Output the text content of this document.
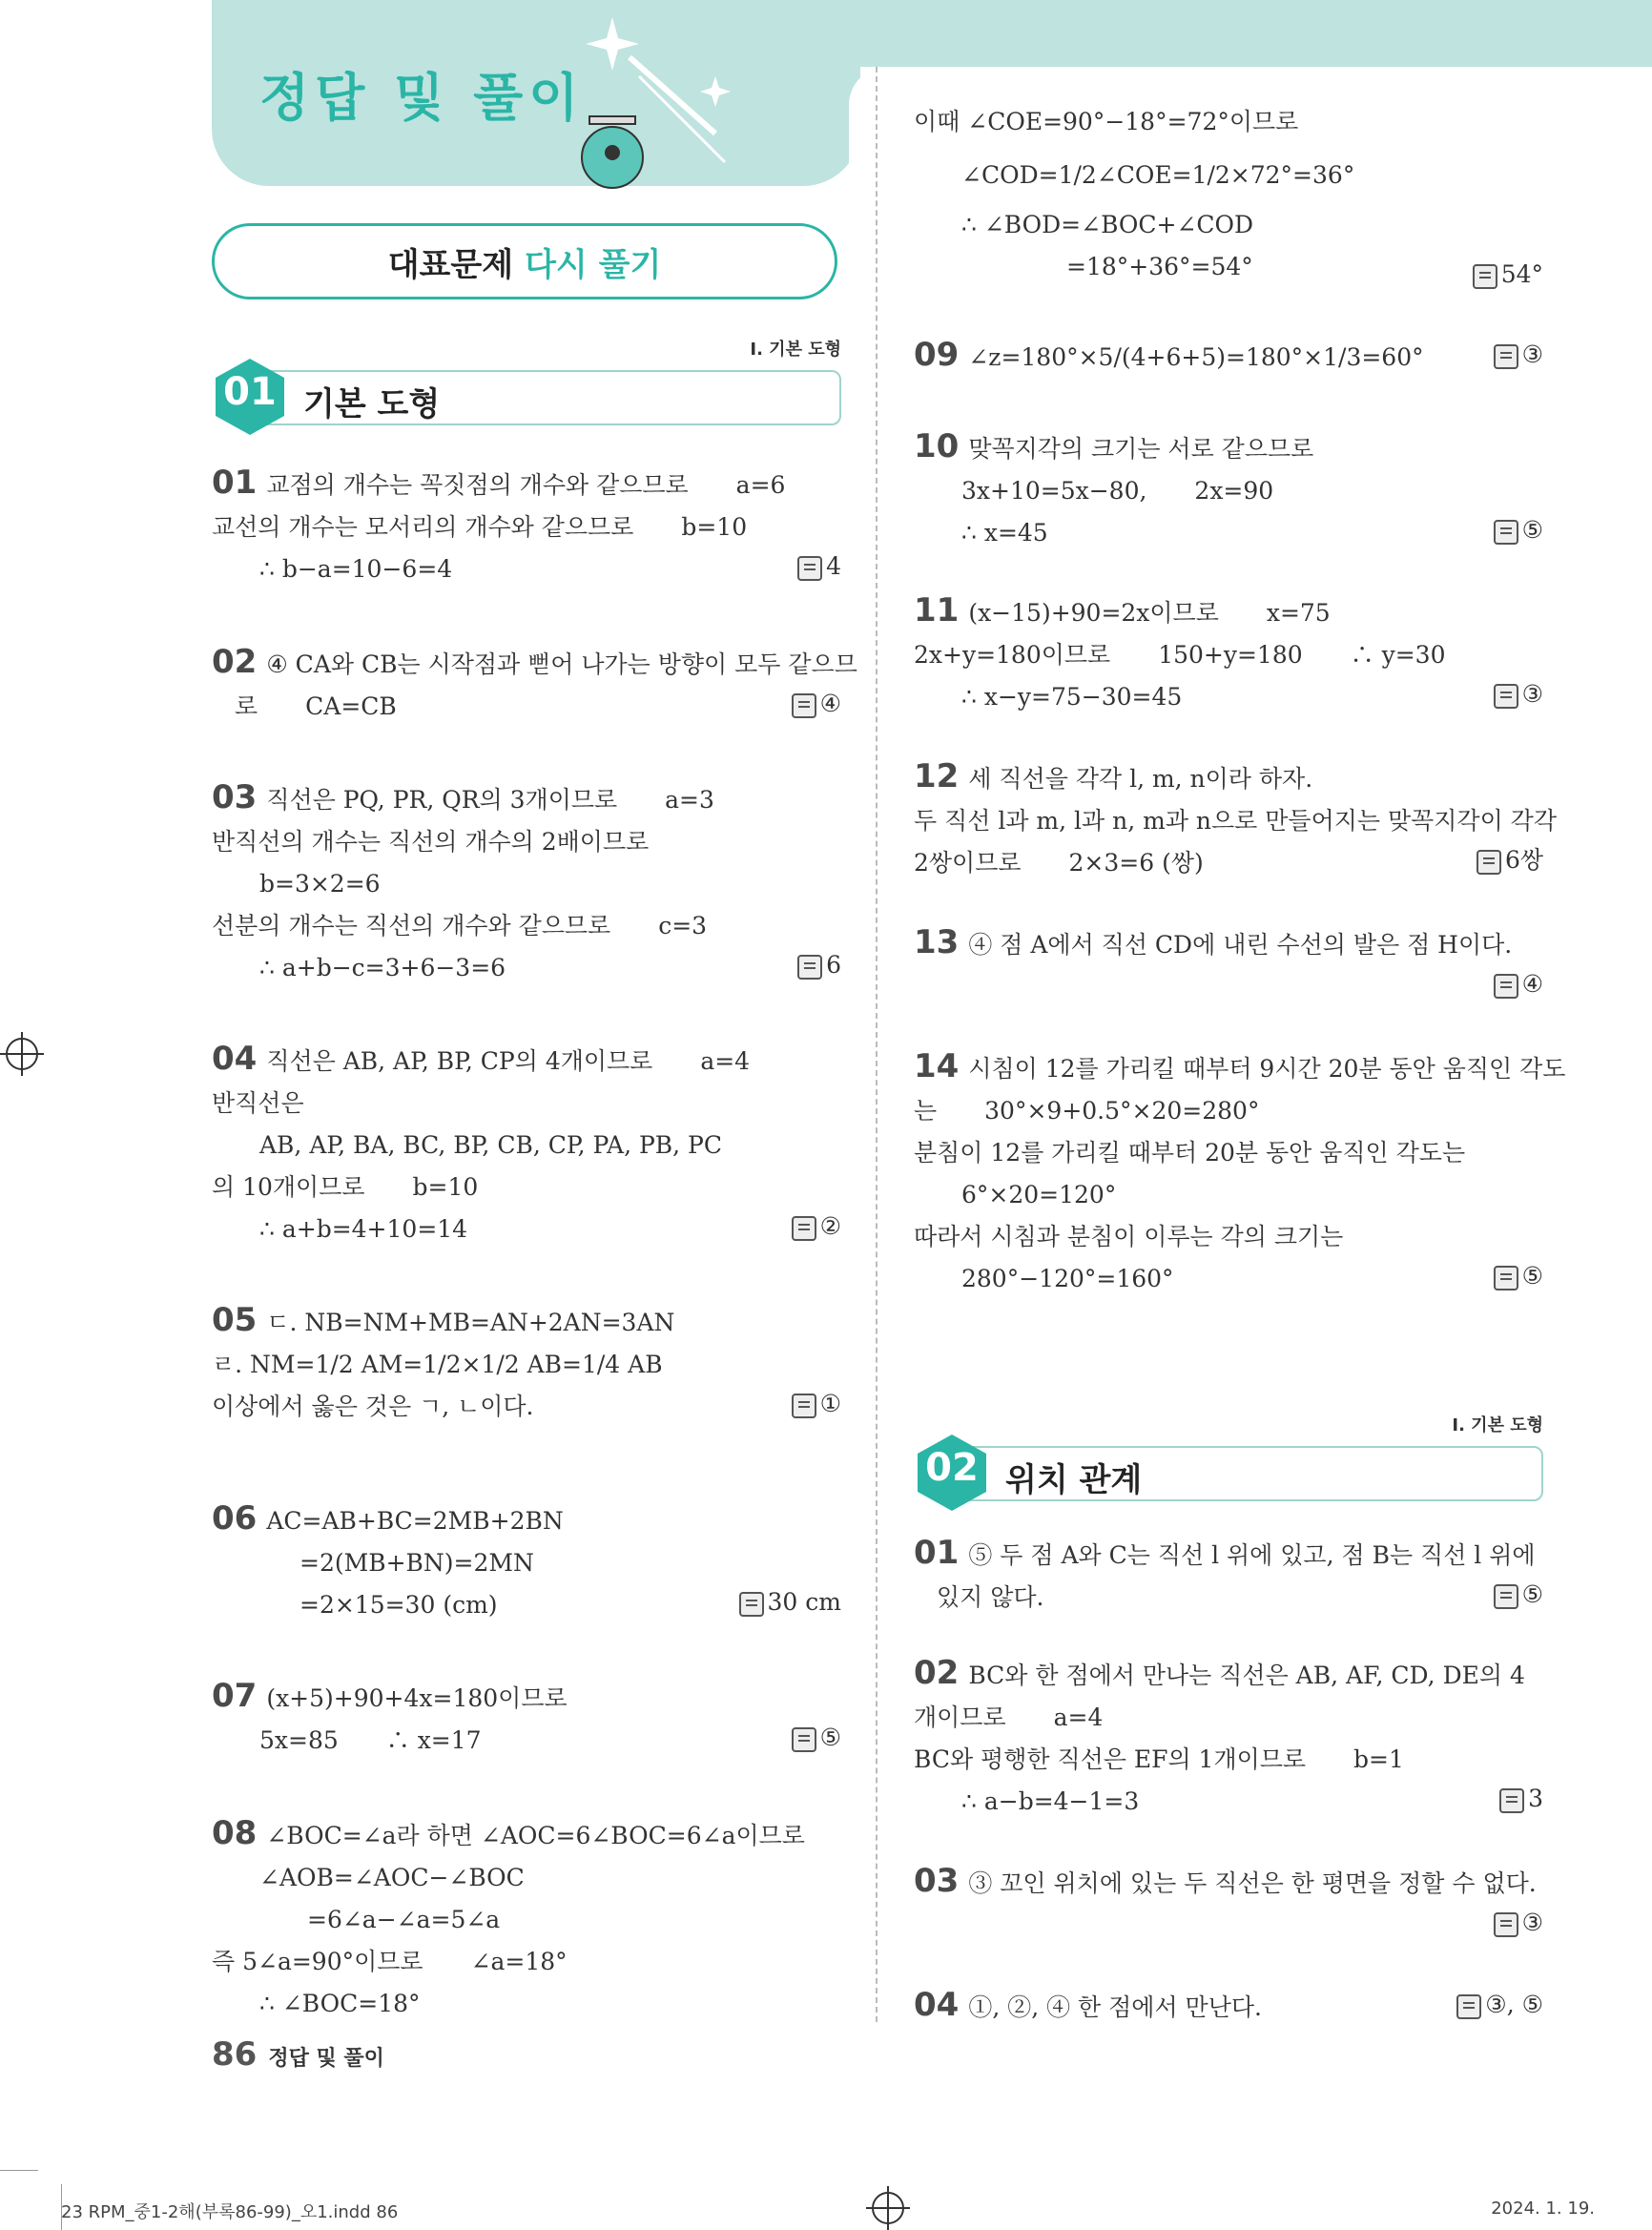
정답 및 풀이
대표문제 다시 풀기
I. 기본 도형
01 기본 도형
01 교점의 개수는 꼭짓점의 개수와 같으므로　　a=6
교선의 개수는 모서리의 개수와 같으므로　　b=10
∴ b−a=10−6=4	4
02 ④ CA와 CB는 시작점과 뻗어 나가는 방향이 모두 같으므
로　　CA=CB	④
03 직선은 PQ, PR, QR의 3개이므로　　a=3
반직선의 개수는 직선의 개수의 2배이므로
b=3×2=6
선분의 개수는 직선의 개수와 같으므로　　c=3
∴ a+b−c=3+6−3=6	6
04 직선은 AB, AP, BP, CP의 4개이므로　　a=4
반직선은
AB, AP, BA, BC, BP, CB, CP, PA, PB, PC
의 10개이므로　　b=10
∴ a+b=4+10=14	②
05 ㄷ. NB=NM+MB=AN+2AN=3AN
ㄹ. NM=1/2 AM=1/2×1/2 AB=1/4 AB
이상에서 옳은 것은 ㄱ, ㄴ이다.	①
06 AC=AB+BC=2MB+2BN
=2(MB+BN)=2MN
=2×15=30 (cm)	30 cm
07 (x+5)+90+4x=180이므로
5x=85　　∴ x=17	⑤
08 ∠BOC=∠a라 하면 ∠AOC=6∠BOC=6∠a이므로
∠AOB=∠AOC−∠BOC
=6∠a−∠a=5∠a
즉 5∠a=90°이므로　　∠a=18°
∴ ∠BOC=18°
이때 ∠COE=90°−18°=72°이므로
∠COD=1/2∠COE=1/2×72°=36°
∴ ∠BOD=∠BOC+∠COD
=18°+36°=54°	54°
09 ∠z=180°×5/(4+6+5)=180°×1/3=60°	③
10 맞꼭지각의 크기는 서로 같으므로
3x+10=5x−80,　　2x=90
∴ x=45	⑤
11 (x−15)+90=2x이므로　　x=75
2x+y=180이므로　　150+y=180　　∴ y=30
∴ x−y=75−30=45	③
12 세 직선을 각각 l, m, n이라 하자.
두 직선 l과 m, l과 n, m과 n으로 만들어지는 맞꼭지각이 각각
2쌍이므로　　2×3=6 (쌍)	6쌍
13 ④ 점 A에서 직선 CD에 내린 수선의 발은 점 H이다.
④
14 시침이 12를 가리킬 때부터 9시간 20분 동안 움직인 각도
는　　30°×9+0.5°×20=280°
분침이 12를 가리킬 때부터 20분 동안 움직인 각도는
6°×20=120°
따라서 시침과 분침이 이루는 각의 크기는
280°−120°=160°	⑤
I. 기본 도형
02 위치 관계
01 ⑤ 두 점 A와 C는 직선 l 위에 있고, 점 B는 직선 l 위에
있지 않다.	⑤
02 BC와 한 점에서 만나는 직선은 AB, AF, CD, DE의 4
개이므로　　a=4
BC와 평행한 직선은 EF의 1개이므로　　b=1
∴ a−b=4−1=3	3
03 ③ 꼬인 위치에 있는 두 직선은 한 평면을 정할 수 없다.
③
04 ①, ②, ④ 한 점에서 만난다.	③, ⑤
86 정답 및 풀이
23 RPM_중1-2해(부록86-99)_오1.indd 86	2024. 1. 19.
